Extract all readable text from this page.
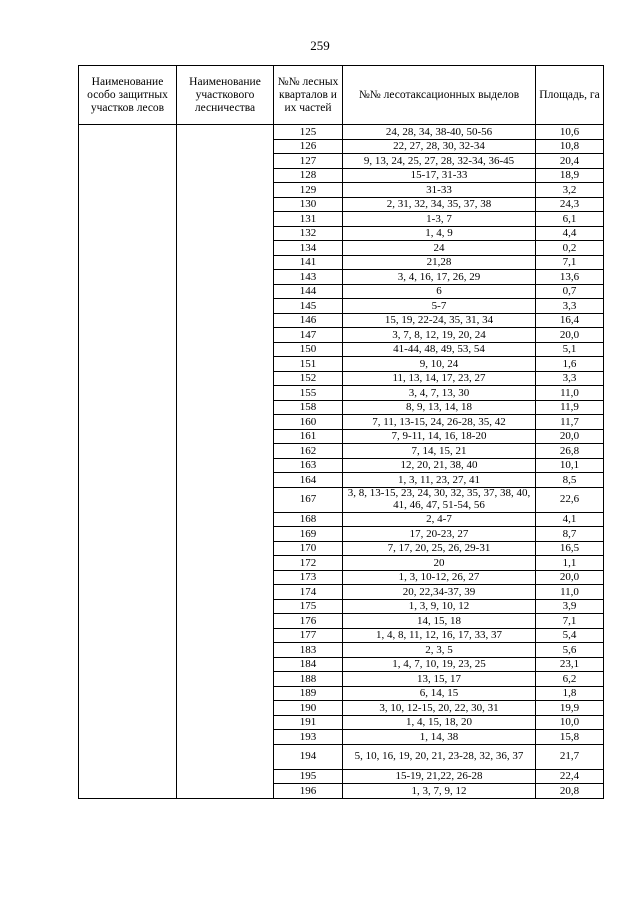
259
Наименование особо защитных участков лесов	Наименование участкового лесничества	№№ лесных кварталов и их частей	№№ лесотаксационных выделов	Площадь, га
		125	24, 28, 34, 38-40, 50-56	10,6
		126	22, 27, 28, 30, 32-34	10,8
		127	9, 13, 24, 25, 27, 28, 32-34, 36-45	20,4
		128	15-17, 31-33	18,9
		129	31-33	3,2
		130	2, 31, 32, 34, 35, 37, 38	24,3
		131	1-3, 7	6,1
		132	1, 4, 9	4,4
		134	24	0,2
		141	21,28	7,1
		143	3, 4, 16, 17, 26, 29	13,6
		144	6	0,7
		145	5-7	3,3
		146	15, 19, 22-24, 35, 31, 34	16,4
		147	3, 7, 8, 12, 19, 20, 24	20,0
		150	41-44, 48, 49, 53, 54	5,1
		151	9, 10, 24	1,6
		152	11, 13, 14, 17, 23, 27	3,3
		155	3, 4, 7, 13, 30	11,0
		158	8, 9, 13, 14, 18	11,9
		160	7, 11, 13-15, 24, 26-28, 35, 42	11,7
		161	7, 9-11, 14, 16, 18-20	20,0
		162	7, 14, 15, 21	26,8
		163	12, 20, 21, 38, 40	10,1
		164	1, 3, 11, 23, 27, 41	8,5
		167	3, 8, 13-15, 23, 24, 30, 32, 35, 37, 38, 40, 41, 46, 47, 51-54, 56	22,6
		168	2, 4-7	4,1
		169	17, 20-23, 27	8,7
		170	7, 17, 20, 25, 26, 29-31	16,5
		172	20	1,1
		173	1, 3, 10-12, 26, 27	20,0
		174	20, 22,34-37, 39	11,0
		175	1, 3, 9, 10, 12	3,9
		176	14, 15, 18	7,1
		177	1, 4, 8, 11, 12, 16, 17, 33, 37	5,4
		183	2, 3, 5	5,6
		184	1, 4, 7, 10, 19, 23, 25	23,1
		188	13, 15, 17	6,2
		189	6, 14, 15	1,8
		190	3, 10, 12-15, 20, 22, 30, 31	19,9
		191	1, 4, 15, 18, 20	10,0
		193	1, 14, 38	15,8
		194	5, 10, 16, 19, 20, 21, 23-28, 32, 36, 37	21,7
		195	15-19, 21,22, 26-28	22,4
		196	1, 3, 7, 9, 12	20,8
